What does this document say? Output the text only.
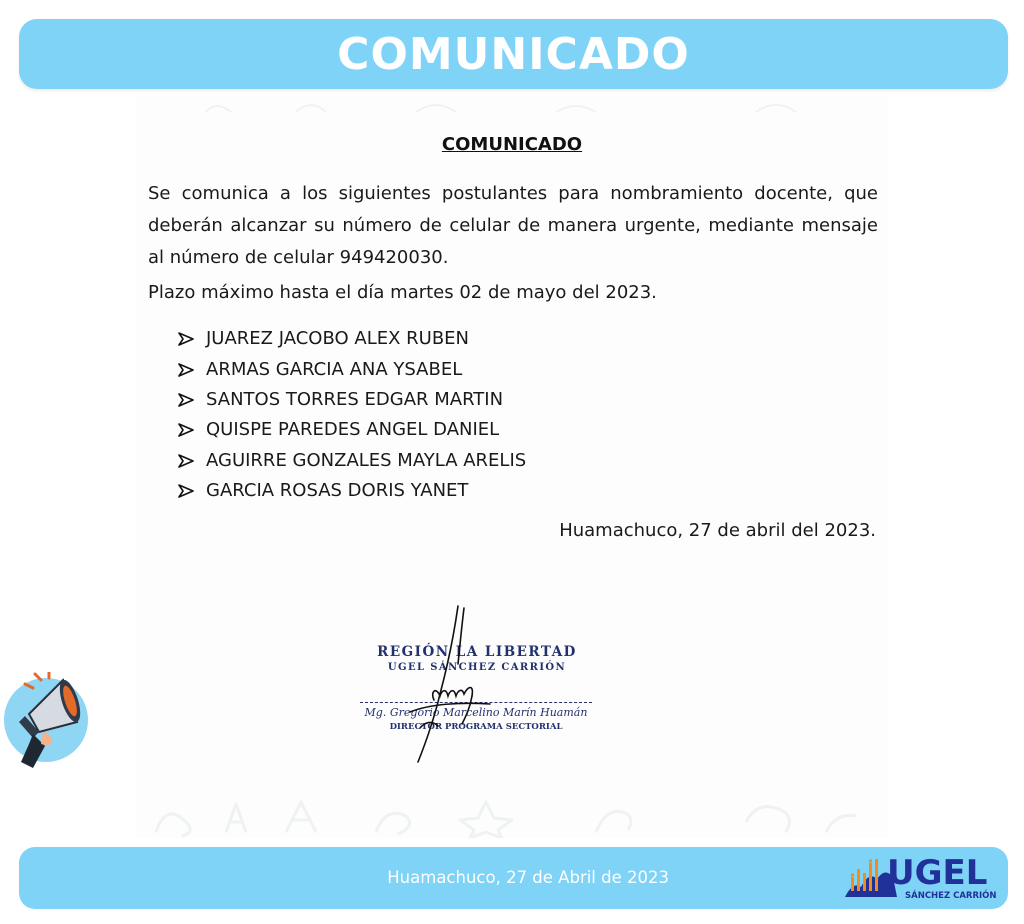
COMUNICADO
COMUNICADO
Se comunica a los siguientes postulantes para nombramiento docente, que deberán alcanzar su número de celular de manera urgente, mediante mensaje al número de celular 949420030.
Plazo máximo hasta el día martes 02 de mayo del 2023.
JUAREZ JACOBO ALEX RUBEN
ARMAS GARCIA ANA YSABEL
SANTOS TORRES EDGAR MARTIN
QUISPE PAREDES ANGEL DANIEL
AGUIRRE GONZALES MAYLA ARELIS
GARCIA ROSAS DORIS YANET
Huamachuco, 27 de abril del 2023.
REGIÓN LA LIBERTAD
UGEL SÁNCHEZ CARRIÓN
Mg. Gregorio Marcelino Marín Huamán
DIRECTOR PROGRAMA SECTORIAL
Huamachuco, 27 de Abril de 2023	UGEL
SÁNCHEZ CARRIÓN
